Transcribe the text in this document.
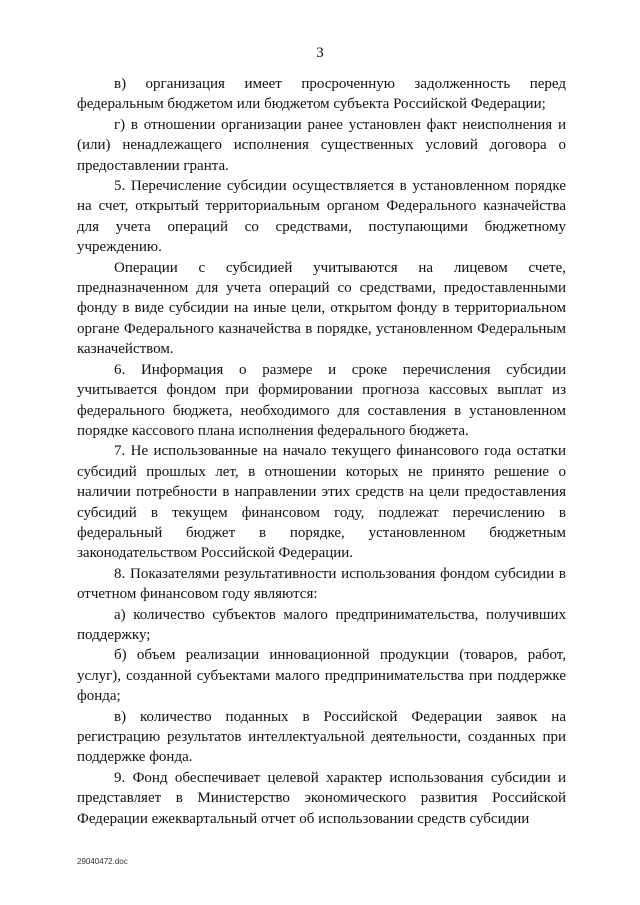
3

в) организация имеет просроченную задолженность перед федеральным бюджетом или бюджетом субъекта Российской Федерации;

г) в отношении организации ранее установлен факт неисполнения и (или) ненадлежащего исполнения существенных условий договора о предоставлении гранта.

5. Перечисление субсидии осуществляется в установленном порядке на счет, открытый территориальным органом Федерального казначейства для учета операций со средствами, поступающими бюджетному учреждению.

Операции с субсидией учитываются на лицевом счете, предназначенном для учета операций со средствами, предоставленными фонду в виде субсидии на иные цели, открытом фонду в территориальном органе Федерального казначейства в порядке, установленном Федеральным казначейством.

6. Информация о размере и сроке перечисления субсидии учитывается фондом при формировании прогноза кассовых выплат из федерального бюджета, необходимого для составления в установленном порядке кассового плана исполнения федерального бюджета.

7. Не использованные на начало текущего финансового года остатки субсидий прошлых лет, в отношении которых не принято решение о наличии потребности в направлении этих средств на цели предоставления субсидий в текущем финансовом году, подлежат перечислению в федеральный бюджет в порядке, установленном бюджетным законодательством Российской Федерации.

8. Показателями результативности использования фондом субсидии в отчетном финансовом году являются:

а) количество субъектов малого предпринимательства, получивших поддержку;

б) объем реализации инновационной продукции (товаров, работ, услуг), созданной субъектами малого предпринимательства при поддержке фонда;

в) количество поданных в Российской Федерации заявок на регистрацию результатов интеллектуальной деятельности, созданных при поддержке фонда.

9. Фонд обеспечивает целевой характер использования субсидии и представляет в Министерство экономического развития Российской Федерации ежеквартальный отчет об использовании средств субсидии

29040472.doc
